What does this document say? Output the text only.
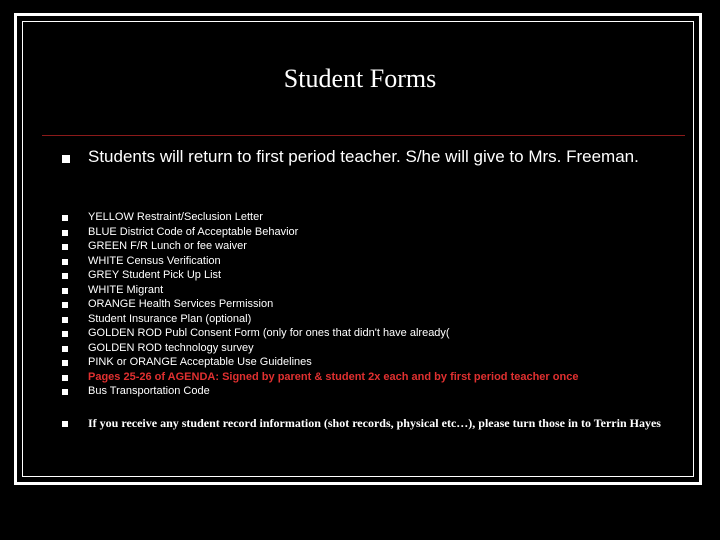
Student Forms
Students will return to first period teacher. S/he will give to Mrs. Freeman.
YELLOW Restraint/Seclusion Letter
BLUE District Code of Acceptable Behavior
GREEN F/R Lunch or fee waiver
WHITE Census Verification
GREY Student Pick Up List
WHITE Migrant
ORANGE Health Services Permission
Student Insurance Plan (optional)
GOLDEN ROD Publ Consent Form (only for ones that didn't have already(
GOLDEN ROD technology survey
PINK or ORANGE Acceptable Use Guidelines
Pages 25-26 of AGENDA: Signed by parent & student 2x each and by first period teacher once
Bus Transportation Code
If you receive any student record information (shot records, physical etc…), please turn those in to Terrin Hayes
